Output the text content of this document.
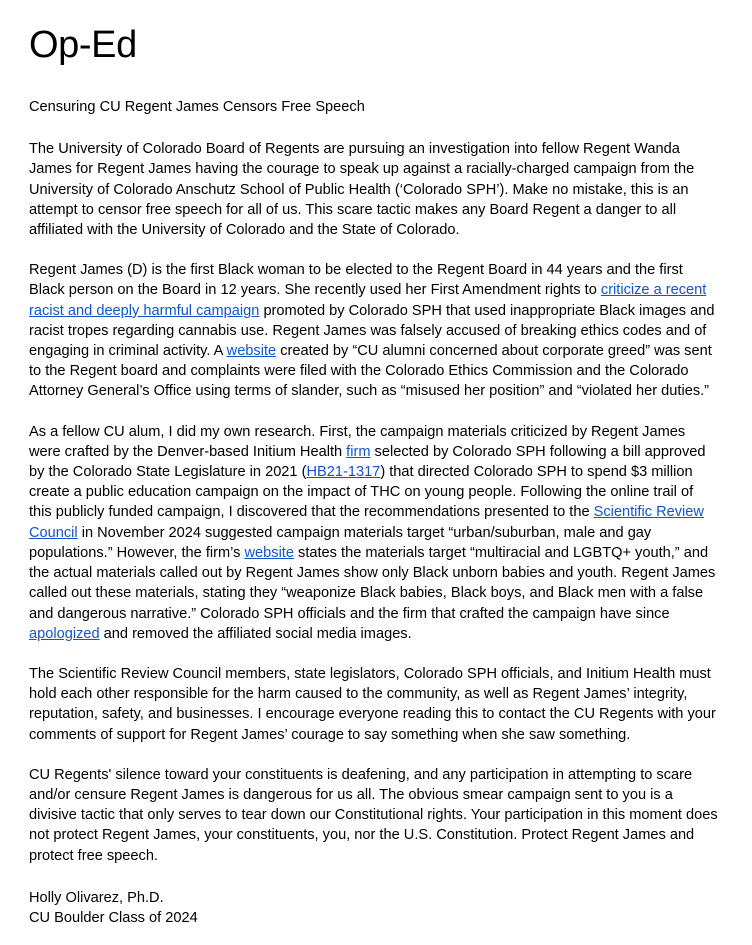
Op-Ed
Censuring CU Regent James Censors Free Speech

The University of Colorado Board of Regents are pursuing an investigation into fellow Regent Wanda James for Regent James having the courage to speak up against a racially-charged campaign from the University of Colorado Anschutz School of Public Health (‘Colorado SPH’). Make no mistake, this is an attempt to censor free speech for all of us. This scare tactic makes any Board Regent a danger to all affiliated with the University of Colorado and the State of Colorado.

Regent James (D) is the first Black woman to be elected to the Regent Board in 44 years and the first Black person on the Board in 12 years. She recently used her First Amendment rights to criticize a recent racist and deeply harmful campaign promoted by Colorado SPH that used inappropriate Black images and racist tropes regarding cannabis use. Regent James was falsely accused of breaking ethics codes and of engaging in criminal activity. A website created by “CU alumni concerned about corporate greed” was sent to the Regent board and complaints were filed with the Colorado Ethics Commission and the Colorado Attorney General’s Office using terms of slander, such as “misused her position” and “violated her duties.”

As a fellow CU alum, I did my own research. First, the campaign materials criticized by Regent James were crafted by the Denver-based Initium Health firm selected by Colorado SPH following a bill approved by the Colorado State Legislature in 2021 (HB21-1317) that directed Colorado SPH to spend $3 million create a public education campaign on the impact of THC on young people. Following the online trail of this publicly funded campaign, I discovered that the recommendations presented to the Scientific Review Council in November 2024 suggested campaign materials target “urban/suburban, male and gay populations.” However, the firm’s website states the materials target “multiracial and LGBTQ+ youth,” and the actual materials called out by Regent James show only Black unborn babies and youth. Regent James called out these materials, stating they “weaponize Black babies, Black boys, and Black men with a false and dangerous narrative.” Colorado SPH officials and the firm that crafted the campaign have since apologized and removed the affiliated social media images.

The Scientific Review Council members, state legislators, Colorado SPH officials, and Initium Health must hold each other responsible for the harm caused to the community, as well as Regent James’ integrity, reputation, safety, and businesses. I encourage everyone reading this to contact the CU Regents with your comments of support for Regent James’ courage to say something when she saw something.

CU Regents' silence toward your constituents is deafening, and any participation in attempting to scare and/or censure Regent James is dangerous for us all. The obvious smear campaign sent to you is a divisive tactic that only serves to tear down our Constitutional rights. Your participation in this moment does not protect Regent James, your constituents, you, nor the U.S. Constitution. Protect Regent James and protect free speech.

Holly Olivarez, Ph.D.
CU Boulder Class of 2024
